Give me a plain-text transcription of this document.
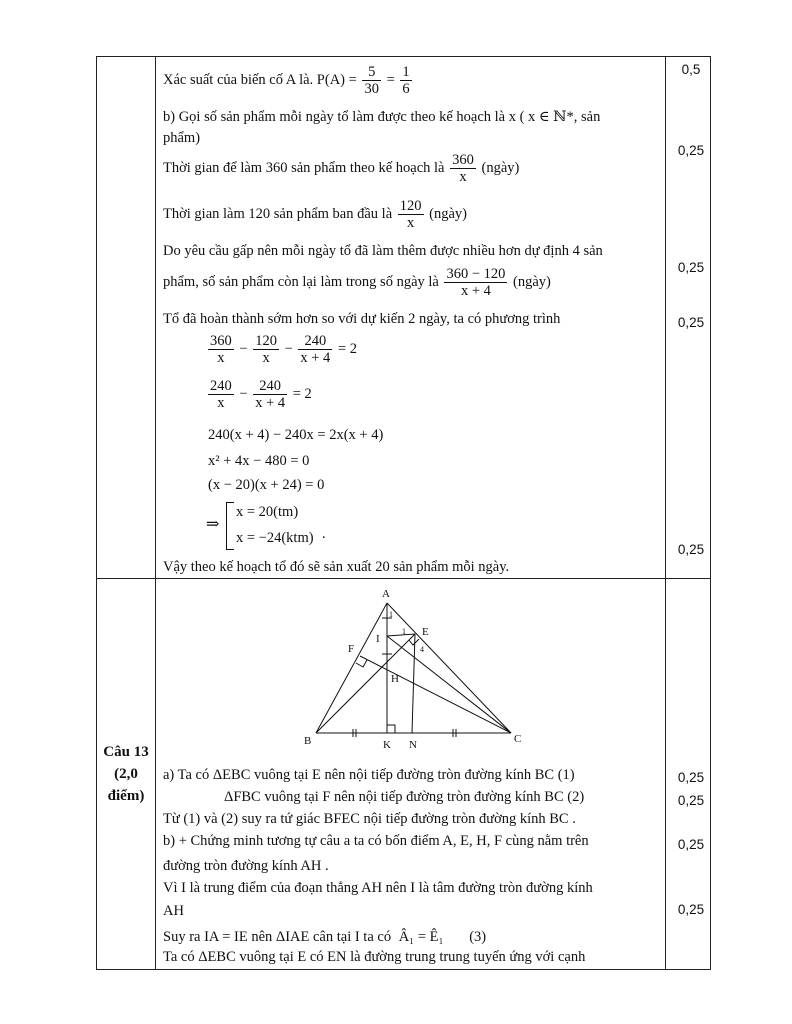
Xác suất của biến cố A là. $P(A) = \frac{5}{30} = \frac{1}{6}$
b) Gọi số sản phẩm mỗi ngày tổ làm được theo kế hoạch là x ( x ∈ ℕ*, sản
phẩm)
Thời gian để làm 360 sản phẩm theo kế hoạch là $\frac{360}{x}$ (ngày)
Thời gian làm 120 sản phẩm ban đầu là $\frac{120}{x}$ (ngày)
Do yêu cầu gấp nên mỗi ngày tổ đã làm thêm được nhiều hơn dự định 4 sản
phẩm, số sản phẩm còn lại làm trong số ngày là $\frac{360 - 120}{x + 4}$ (ngày)
Tổ đã hoàn thành sớm hơn so với dự kiến 2 ngày, ta có phương trình
$\frac{360}{x} - \frac{120}{x} - \frac{240}{x + 4} = 2$
$\frac{240}{x} - \frac{240}{x + 4} = 2$
240(x + 4) − 240x = 2x(x + 4)
x² + 4x − 480 = 0
(x − 20)(x + 24) = 0
⇒
x = 20(tm)
x = −24(ktm) .
Vậy theo kế hoạch tổ đó sẽ sản xuất 20 sản phẩm mỗi ngày.
0,5
0,25
0,25
0,25
0,25
Câu 13
(2,0
điểm)
A
B	C
E
F
H
I
K N
1
1
4
a) Ta có ΔEBC vuông tại E nên nội tiếp đường tròn đường kính BC (1)
ΔFBC vuông tại F nên nội tiếp đường tròn đường kính BC (2)
Từ (1) và (2) suy ra tứ giác BFEC nội tiếp đường tròn đường kính BC .
b) + Chứng minh tương tự câu a ta có bốn điểm A, E, H, F cùng nằm trên
đường tròn đường kính AH .
Vì I là trung điểm của đoạn thẳng AH nên I là tâm đường tròn đường kính
AH
Suy ra IA = IE nên ΔIAE cân tại I ta có Â₁ = Ê₁ (3)
Ta có ΔEBC vuông tại E có EN là đường trung trung tuyến ứng với cạnh
0,25
0,25
0,25
0,25
